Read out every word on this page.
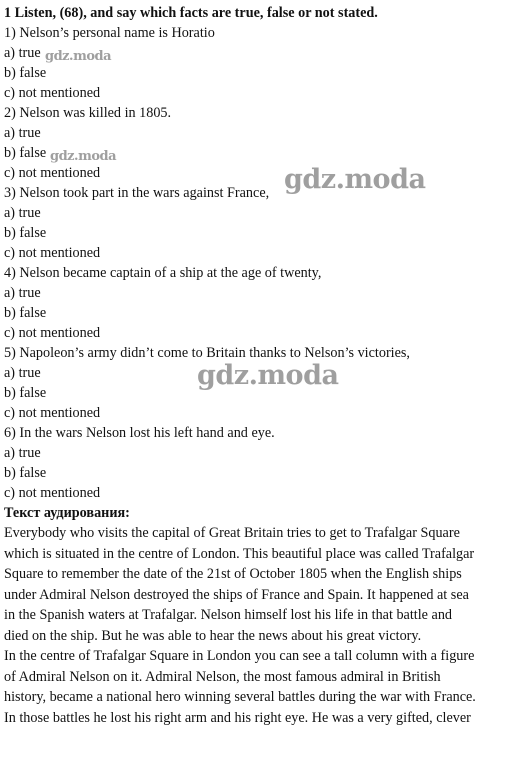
1 Listen, (68), and say which facts are true, false or not stated.
1) Nelson’s personal name is Horatio
a) true
b) false
c) not mentioned
2) Nelson was killed in 1805.
a) true
b) false
c) not mentioned
3) Nelson took part in the wars against France,
a) true
b) false
c) not mentioned
4) Nelson became captain of a ship at the age of twenty,
a) true
b) false
c) not mentioned
5) Napoleon’s army didn’t come to Britain thanks to Nelson’s victories,
a) true
b) false
c) not mentioned
6) In the wars Nelson lost his left hand and eye.
a) true
b) false
c) not mentioned
Текст аудирования:
Everybody who visits the capital of Great Britain tries to get to Trafalgar Square
which is situated in the centre of London. This beautiful place was called Trafalgar
Square to remember the date of the 21st of October 1805 when the English ships
under Admiral Nelson destroyed the ships of France and Spain. It happened at sea
in the Spanish waters at Trafalgar. Nelson himself lost his life in that battle and
died on the ship. But he was able to hear the news about his great victory.
In the centre of Trafalgar Square in London you can see a tall column with a figure
of Admiral Nelson on it. Admiral Nelson, the most famous admiral in British
history, became a national hero winning several battles during the war with France.
In those battles he lost his right arm and his right eye. He was a very gifted, clever
gdz.moda
gdz.moda
gdz.moda
gdz.moda
